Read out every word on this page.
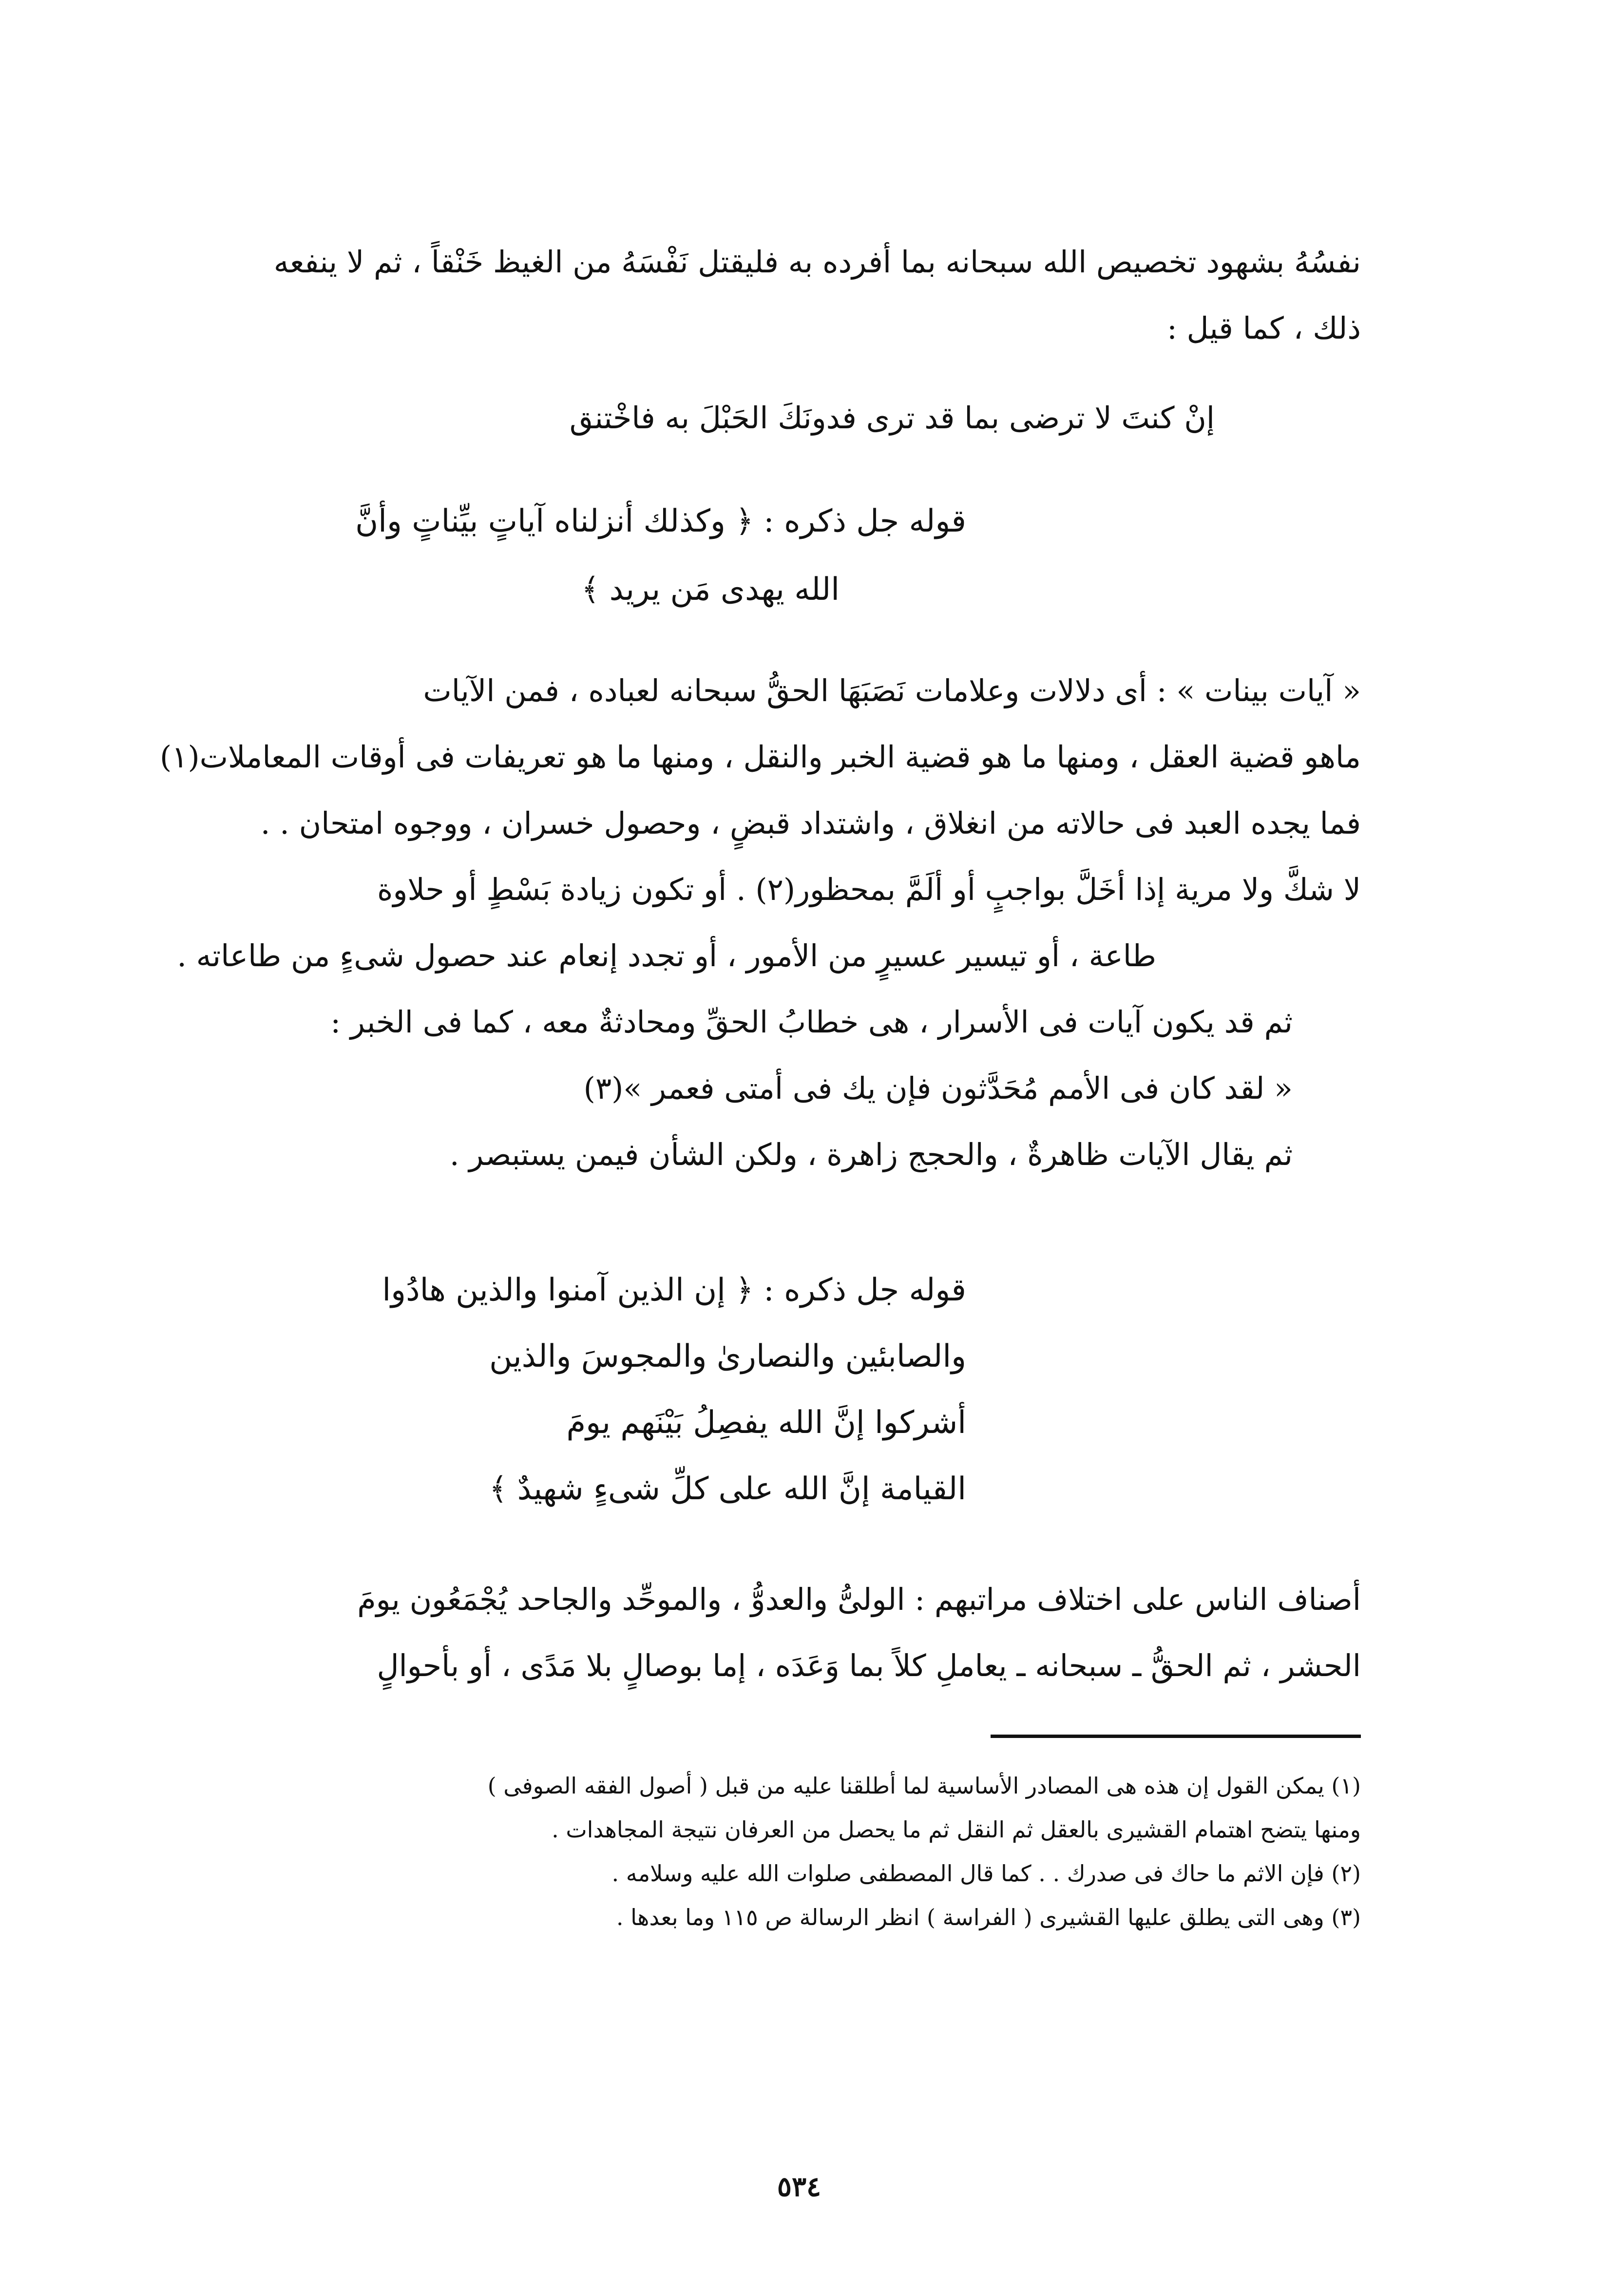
نفسُهُ بشهود تخصيص الله سبحانه بما أفرده به فليقتل نَفْسَهُ من الغيظ خَنْقاً ، ثم لا ينفعه
ذلك ، كما قيل :
إنْ كنتَ لا ترضى بما قد ترى فدونَكَ الحَبْلَ به فاخْتنق
قوله جل ذكره : ﴿ وكذلك أنزلناه آياتٍ بيِّناتٍ وأنَّ
الله يهدى مَن يريد ﴾
« آيات بينات » : أى دلالات وعلامات نَصَبَهَا الحقُّ سبحانه لعباده ، فمن الآيات
ماهو قضية العقل ، ومنها ما هو قضية الخبر والنقل ، ومنها ما هو تعريفات فى أوقات المعاملات(١)
فما يجده العبد فى حالاته من انغلاق ، واشتداد قبضٍ ، وحصول خسران ، ووجوه امتحان . .
لا شكَّ ولا مرية إذا أخَلَّ بواجبٍ أو ألَمَّ بمحظور(٢) . أو تكون زيادة بَسْطٍ أو حلاوة
طاعة ، أو تيسير عسيرٍ من الأمور ، أو تجدد إنعام عند حصول شىءٍ من طاعاته .
ثم قد يكون آيات فى الأسرار ، هى خطابُ الحقِّ ومحادثةٌ معه ، كما فى الخبر :
« لقد كان فى الأمم مُحَدَّثون فإن يك فى أمتى فعمر »(٣)
ثم يقال الآيات ظاهرةٌ ، والحجج زاهرة ، ولكن الشأن فيمن يستبصر .
قوله جل ذكره : ﴿ إن الذين آمنوا والذين هادُوا
والصابئين والنصارىٰ والمجوسَ والذين
أشركوا إنَّ الله يفصِلُ بَيْنَهم يومَ
القيامة إنَّ الله على كلِّ شىءٍ شهيدٌ ﴾
أصناف الناس على اختلاف مراتبهم : الولىُّ والعدوُّ ، والموحِّد والجاحد يُجْمَعُون يومَ
الحشر ، ثم الحقُّ ـ سبحانه ـ يعاملِ كلاً بما وَعَدَه ، إما بوصالٍ بلا مَدًى ، أو بأحوالٍ
(١) يمكن القول إن هذه هى المصادر الأساسية لما أطلقنا عليه من قبل ( أصول الفقه الصوفى )
ومنها يتضح اهتمام القشيرى بالعقل ثم النقل ثم ما يحصل من العرفان نتيجة المجاهدات .
(٢) فإن الاثم ما حاك فى صدرك . . كما قال المصطفى صلوات الله عليه وسلامه .
(٣) وهى التى يطلق عليها القشيرى ( الفراسة ) انظر الرسالة ص ١١٥ وما بعدها .
٥٣٤
